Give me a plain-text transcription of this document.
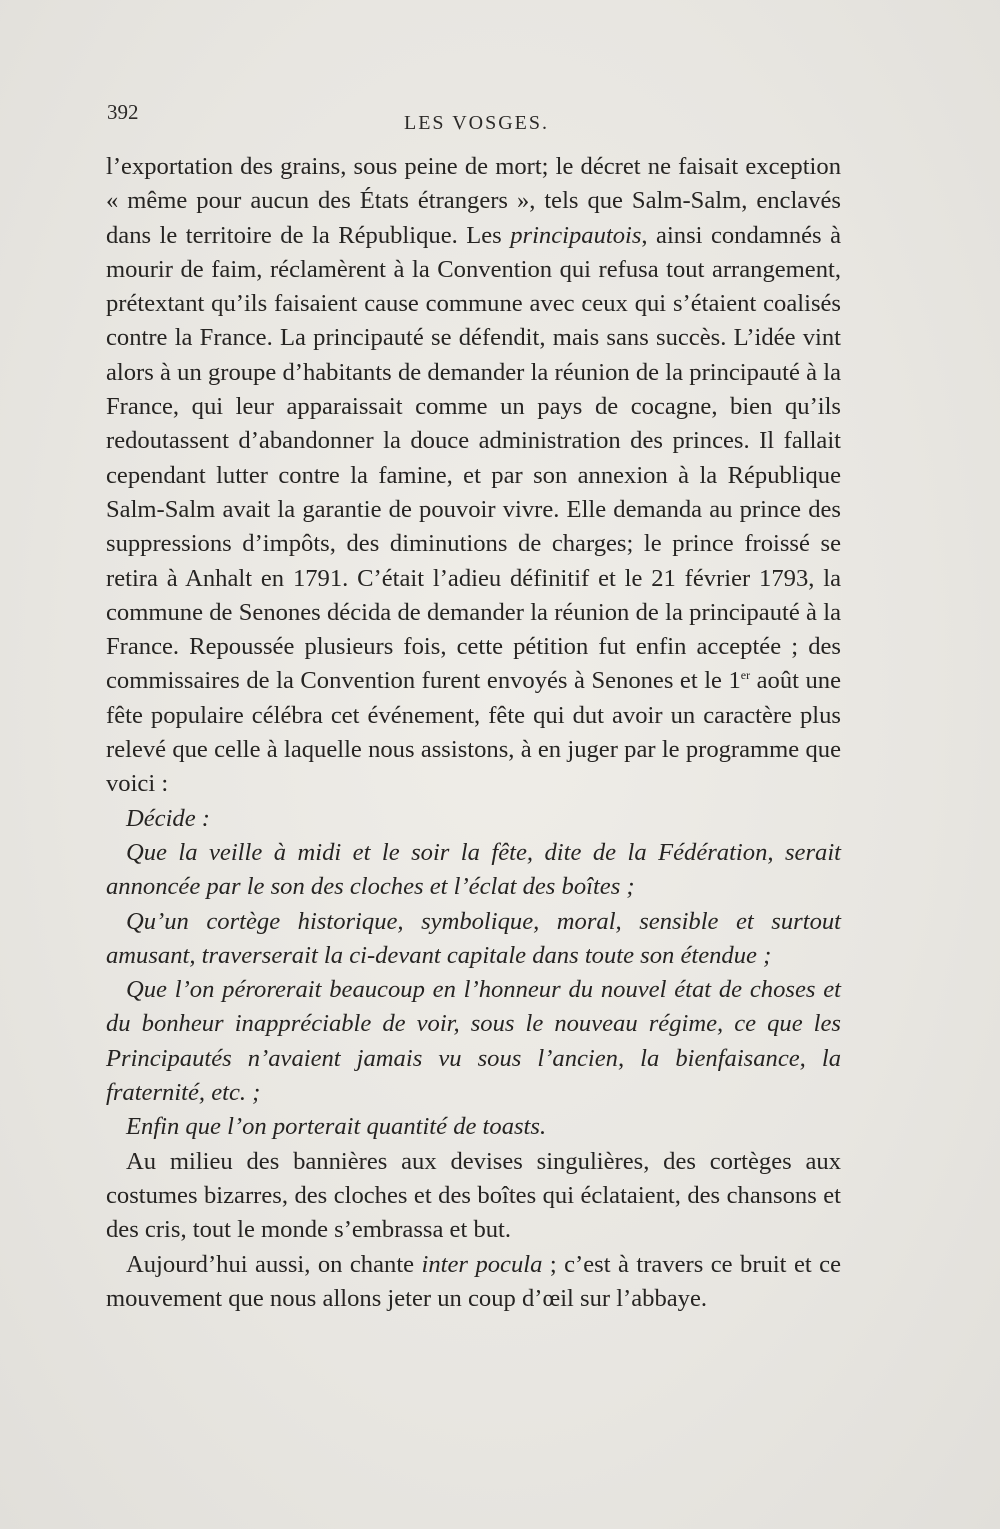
392	LES VOSGES.

l’exportation des grains, sous peine de mort; le décret ne faisait exception « même pour aucun des États étrangers », tels que Salm-Salm, enclavés dans le territoire de la République. Les principautois, ainsi condamnés à mourir de faim, réclamèrent à la Convention qui refusa tout arrangement, prétextant qu’ils faisaient cause commune avec ceux qui s’étaient coalisés contre la France. La principauté se défendit, mais sans succès. L’idée vint alors à un groupe d’habitants de demander la réunion de la principauté à la France, qui leur apparaissait comme un pays de cocagne, bien qu’ils redoutassent d’abandonner la douce administration des princes. Il fallait cependant lutter contre la famine, et par son annexion à la République Salm-Salm avait la garantie de pouvoir vivre. Elle demanda au prince des suppressions d’impôts, des diminutions de charges; le prince froissé se retira à Anhalt en 1791. C’était l’adieu définitif et le 21 février 1793, la commune de Senones décida de demander la réunion de la principauté à la France. Repoussée plusieurs fois, cette pétition fut enfin acceptée ; des commissaires de la Convention furent envoyés à Senones et le 1er août une fête populaire célébra cet événement, fête qui dut avoir un caractère plus relevé que celle à laquelle nous assistons, à en juger par le programme que voici :

Décide :

Que la veille à midi et le soir la fête, dite de la Fédération, serait annoncée par le son des cloches et l’éclat des boîtes ;

Qu’un cortège historique, symbolique, moral, sensible et surtout amusant, traverserait la ci-devant capitale dans toute son étendue ;

Que l’on pérorerait beaucoup en l’honneur du nouvel état de choses et du bonheur inappréciable de voir, sous le nouveau régime, ce que les Principautés n’avaient jamais vu sous l’ancien, la bienfaisance, la fraternité, etc. ;

Enfin que l’on porterait quantité de toasts.

Au milieu des bannières aux devises singulières, des cortèges aux costumes bizarres, des cloches et des boîtes qui éclataient, des chansons et des cris, tout le monde s’embrassa et but.

Aujourd’hui aussi, on chante inter pocula ; c’est à travers ce bruit et ce mouvement que nous allons jeter un coup d’œil sur l’abbaye.
